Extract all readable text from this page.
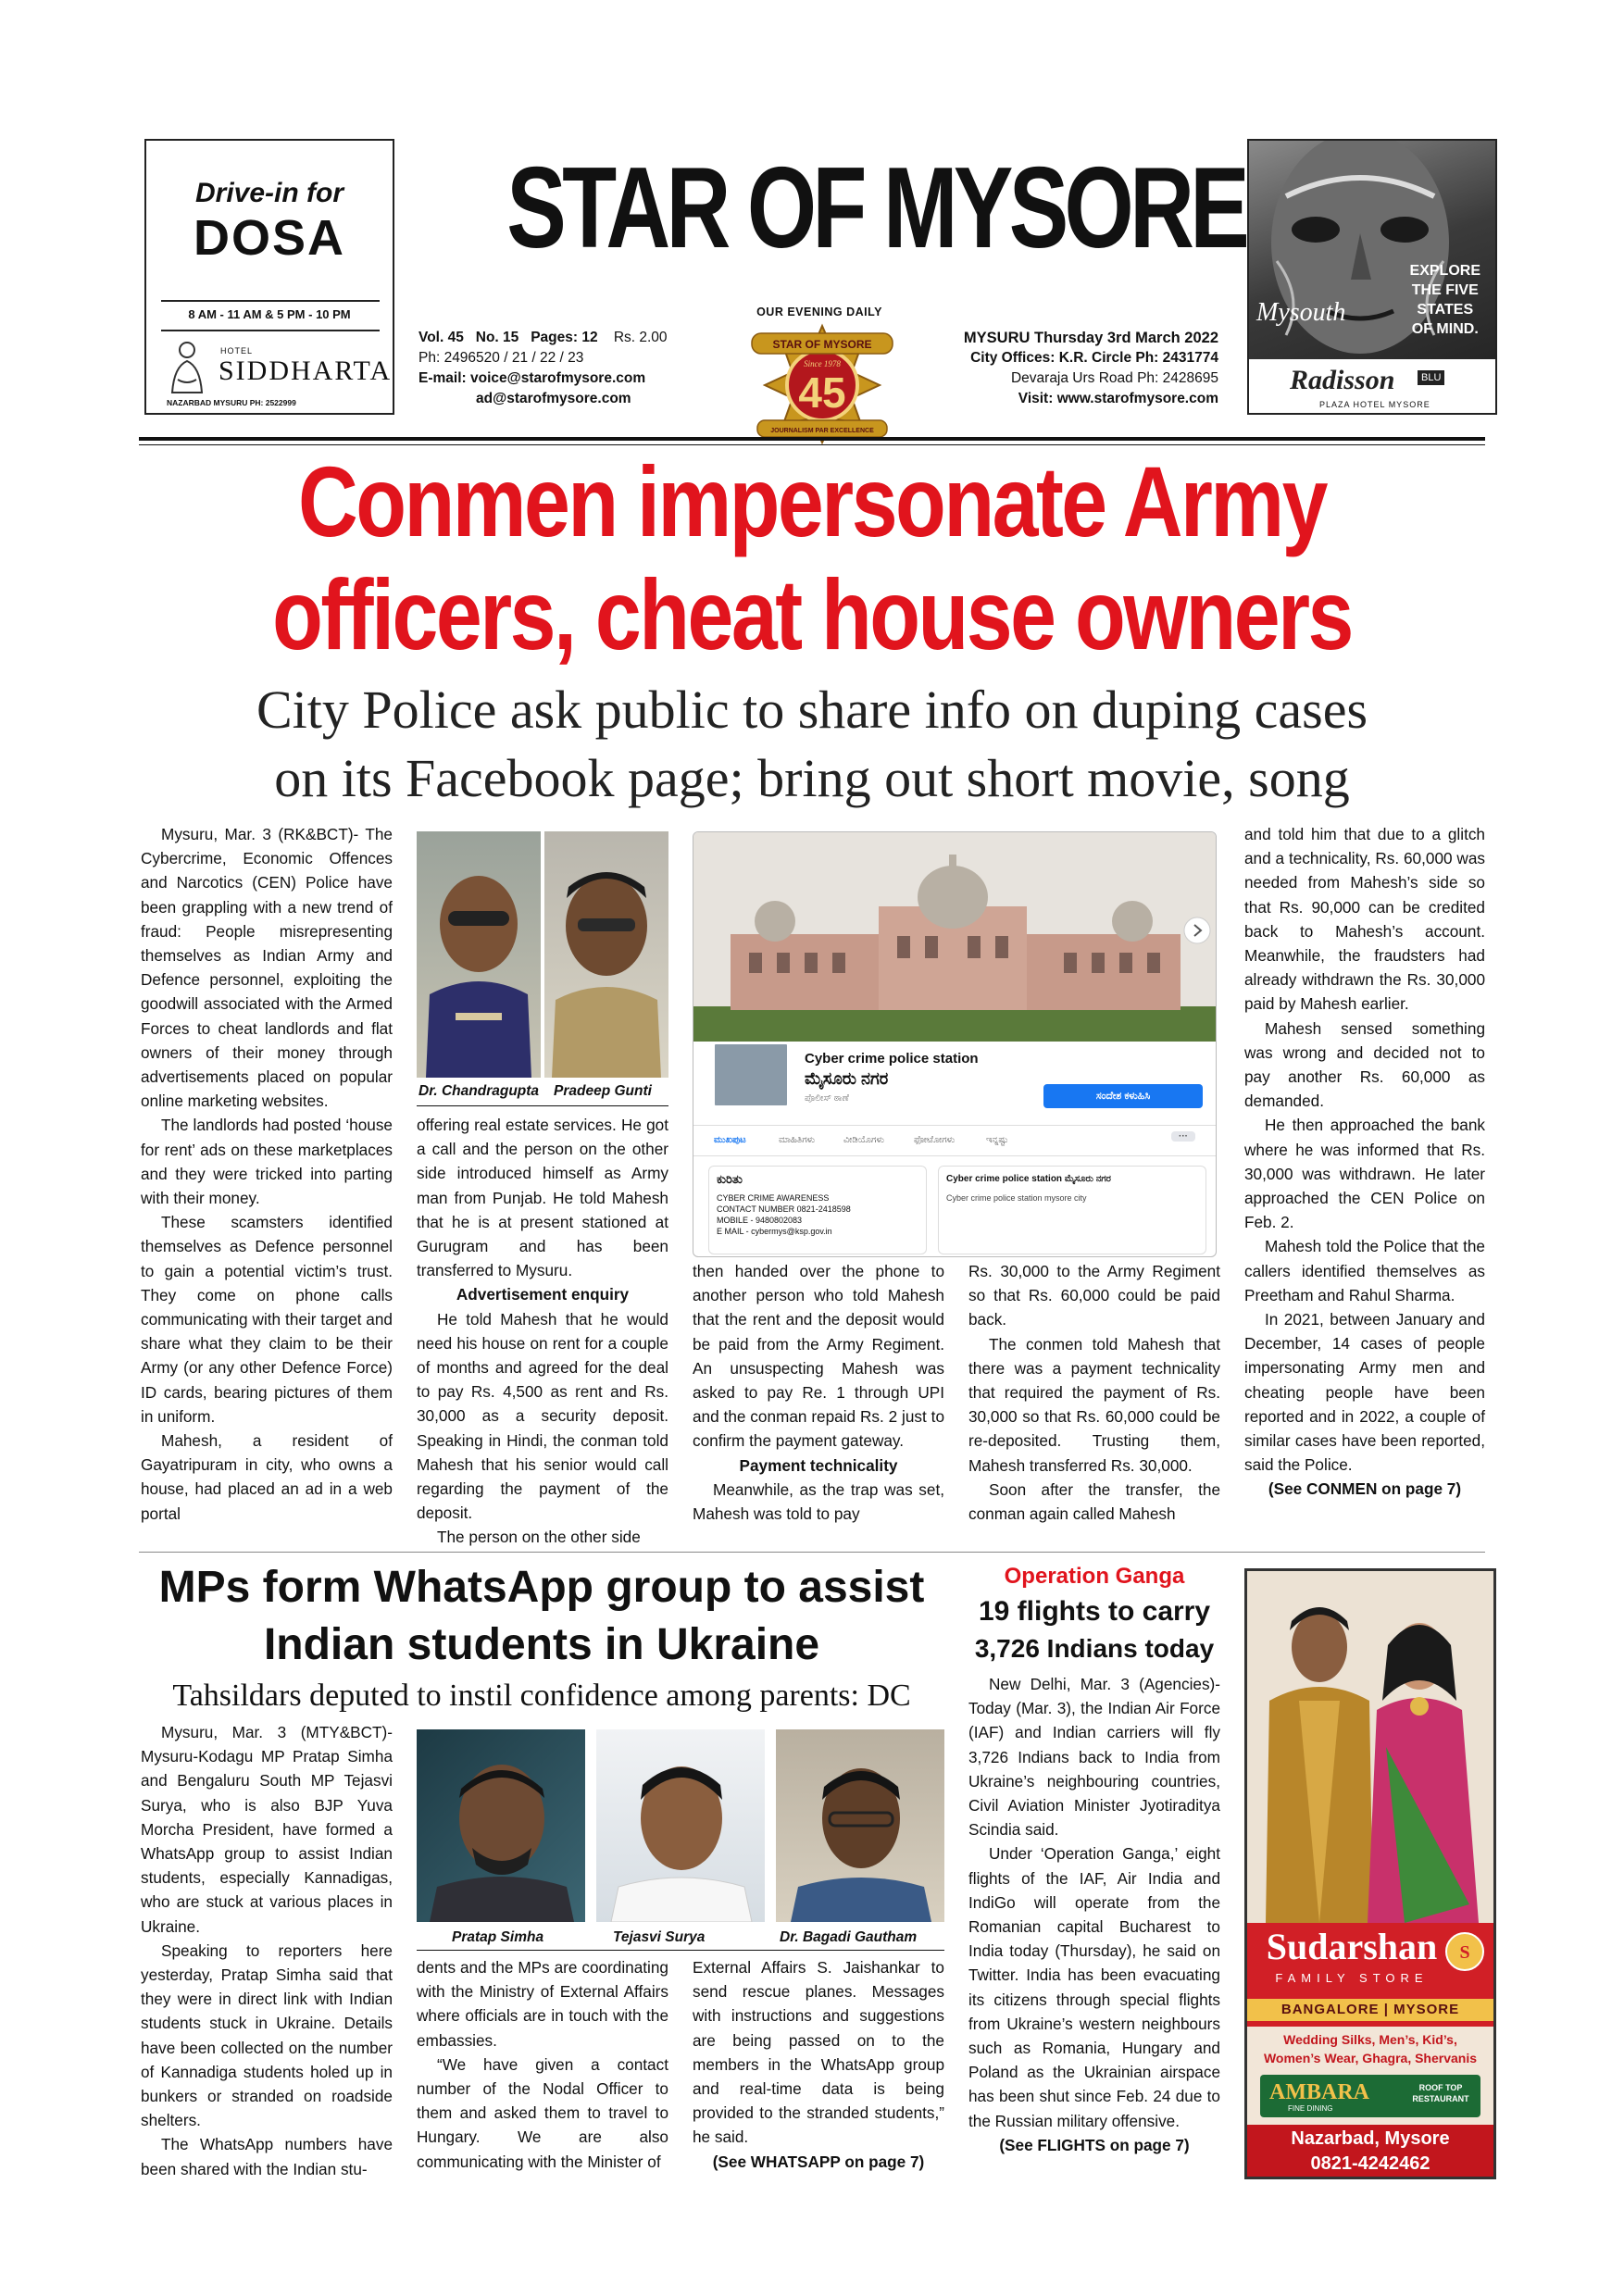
Drive-in for
DOSA
8 AM - 11 AM & 5 PM - 10 PM
HOTEL
SIDDHARTA
NAZARBAD MYSURU PH: 2522999
STAR OF MYSORE
OUR EVENING DAILY
Vol. 45 No. 15 Pages: 12 Rs. 2.00
Ph: 2496520 / 21 / 22 / 23
E-mail: voice@starofmysore.com
ad@starofmysore.com
STAR OF MYSORE
Since 1978
45
JOURNALISM PAR EXCELLENCE
MYSURU Thursday 3rd March 2022
City Offices: K.R. Circle Ph: 2431774
Devaraja Urs Road Ph: 2428695
Visit: www.starofmysore.com
EXPLORE
THE FIVE
STATES
OF MIND.
Mysouth
Radisson	BLU
PLAZA HOTEL MYSORE
Conmen impersonate Army
officers, cheat house owners
City Police ask public to share info on duping cases
on its Facebook page; bring out short movie, song

Mysuru, Mar. 3 (RK&BCT)- The Cybercrime, Economic Offences and Narcotics (CEN) Police have been grappling with a new trend of fraud: People misrepresenting themselves as Indian Army and Defence personnel, exploiting the goodwill associated with the Armed Forces to cheat landlords and flat owners of their money through advertisements placed on popular online marketing websites.

The landlords had posted ‘house for rent’ ads on these marketplaces and they were tricked into parting with their money.

These scamsters identified themselves as Defence personnel to gain a potential victim’s trust. They come on phone calls communicating with their target and share what they claim to be their Army (or any other Defence Force) ID cards, bearing pictures of them in uniform.

Mahesh, a resident of Gayatripuram in city, who owns a house, had placed an ad in a web portal

Dr. Chandragupta Pradeep Gunti

offering real estate services. He got a call and the person on the other side introduced himself as Army man from Punjab. He told Mahesh that he is at present stationed at Gurugram and has been transferred to Mysuru.

Advertisement enquiry

He told Mahesh that he would need his house on rent for a couple of months and agreed for the deal to pay Rs. 4,500 as rent and Rs. 30,000 as a security deposit. Speaking in Hindi, the conman told Mahesh that his senior would call regarding the payment of the deposit.

The person on the other side

Cyber crime police station
ಮೈಸೂರು ನಗರ
ಪೊಲೀಸ್ ಠಾಣೆ	ಸಂದೇಶ ಕಳುಹಿಸಿ
ಮುಖಪುಟ	ಮಾಹಿತಿಗಳು	ವೀಡಿಯೊಗಳು	ಫೋಟೋಗಳು	ಇನ್ನಷ್ಟು	···
ಕುರಿತು
CYBER CRIME AWARENESS
CONTACT NUMBER 0821-2418598
MOBILE - 9480802083
E MAIL - cybermys@ksp.gov.in
Cyber crime police station ಮೈಸೂರು ನಗರ
Cyber crime police station mysore city

then handed over the phone to another person who told Mahesh that the rent and the deposit would be paid from the Army Regiment. An unsuspecting Mahesh was asked to pay Re. 1 through UPI and the conman repaid Rs. 2 just to confirm the payment gateway.

Payment technicality

Meanwhile, as the trap was set, Mahesh was told to pay

Rs. 30,000 to the Army Regiment so that Rs. 60,000 could be paid back.

The conmen told Mahesh that there was a payment technicality that required the payment of Rs. 30,000 so that Rs. 60,000 could be re-deposited. Trusting them, Mahesh transferred Rs. 30,000.

Soon after the transfer, the conman again called Mahesh

and told him that due to a glitch and a technicality, Rs. 60,000 was needed from Mahesh’s side so that Rs. 90,000 can be credited back to Mahesh’s account. Meanwhile, the fraudsters had already withdrawn the Rs. 30,000 paid by Mahesh earlier.

Mahesh sensed something was wrong and decided not to pay another Rs. 60,000 as demanded.

He then approached the bank where he was informed that Rs. 30,000 was withdrawn. He later approached the CEN Police on Feb. 2.

Mahesh told the Police that the callers identified themselves as Preetham and Rahul Sharma.

In 2021, between January and December, 14 cases of people impersonating Army men and cheating people have been reported and in 2022, a couple of similar cases have been reported, said the Police.

(See CONMEN on page 7)

MPs form WhatsApp group to assist
Indian students in Ukraine
Tahsildars deputed to instil confidence among parents: DC

Mysuru, Mar. 3 (MTY&BCT)- Mysuru-Kodagu MP Pratap Simha and Bengaluru South MP Tejasvi Surya, who is also BJP Yuva Morcha President, have formed a WhatsApp group to assist Indian students, especially Kannadigas, who are stuck at various places in Ukraine.

Speaking to reporters here yesterday, Pratap Simha said that they were in direct link with Indian students stuck in Ukraine. Details have been collected on the number of Kannadiga students holed up in bunkers or stranded on roadside shelters.

The WhatsApp numbers have been shared with the Indian stu-

Pratap Simha	Tejasvi Surya	Dr. Bagadi Gautham

dents and the MPs are coordinating with the Ministry of External Affairs where officials are in touch with the embassies.

“We have given a contact number of the Nodal Officer to them and asked them to travel to Hungary. We are also communicating with the Minister of

External Affairs S. Jaishankar to send rescue planes. Messages with instructions and suggestions are being passed on to the members in the WhatsApp group and real-time data is being provided to the stranded students,” he said.

(See WHATSAPP on page 7)

Operation Ganga
19 flights to carry
3,726 Indians today

New Delhi, Mar. 3 (Agencies)- Today (Mar. 3), the Indian Air Force (IAF) and Indian carriers will fly 3,726 Indians back to India from Ukraine’s neighbouring countries, Civil Aviation Minister Jyotiraditya Scindia said.

Under ‘Operation Ganga,’ eight flights of the IAF, Air India and IndiGo will operate from the Romanian capital Bucharest to India today (Thursday), he said on Twitter. India has been evacuating its citizens through special flights from Ukraine’s western neighbours such as Romania, Hungary and Poland as the Ukrainian airspace has been shut since Feb. 24 due to the Russian military offensive.

(See FLIGHTS on page 7)

Sudarshan
FAMILY STORE
S
BANGALORE | MYSORE
Wedding Silks, Men’s, Kid’s,
Women’s Wear, Ghagra, Shervanis
AMBARA
FINE DINING
ROOF TOP RESTAURANT
Nazarbad, Mysore
0821-4242462
